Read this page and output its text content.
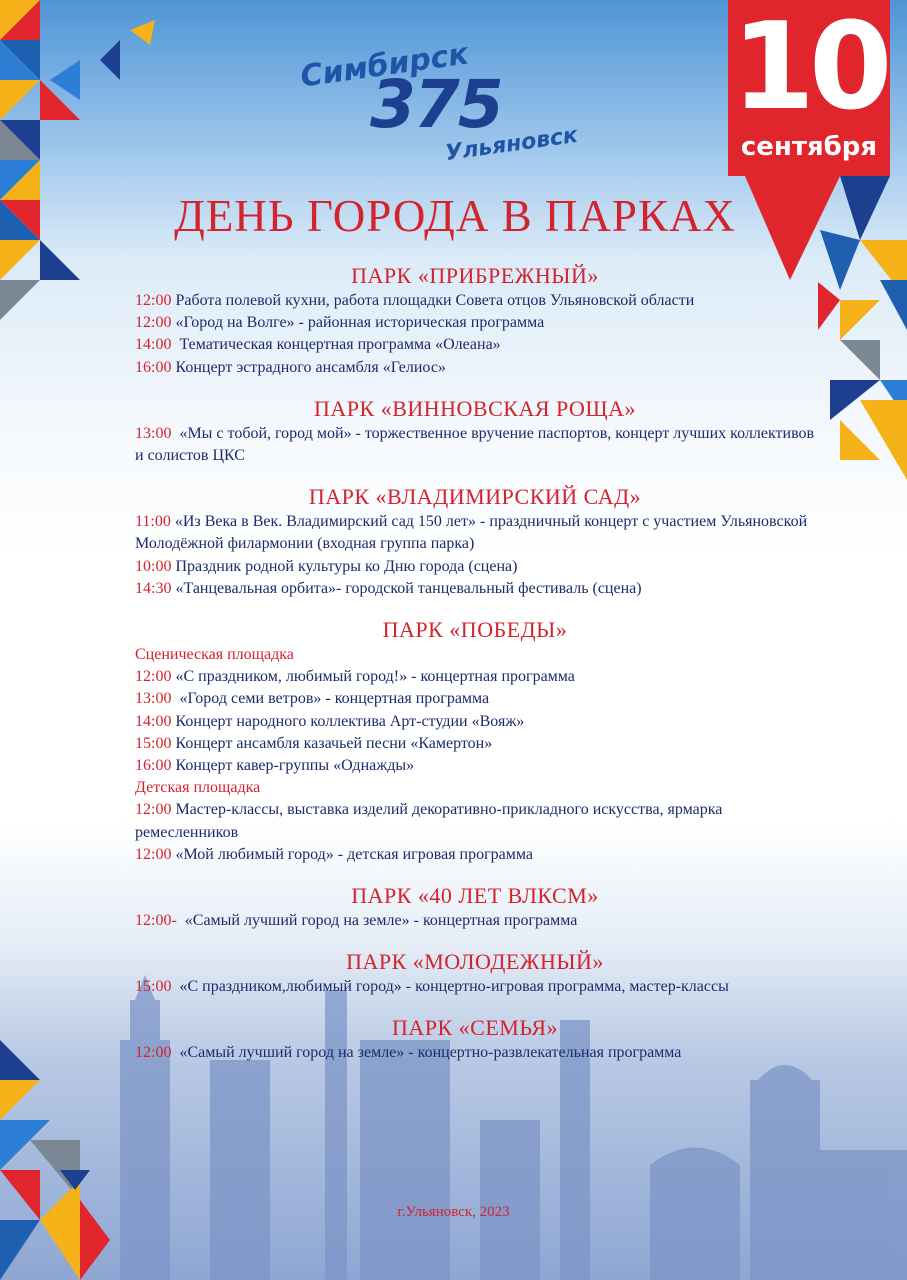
Симбирск
375
Ульяновск
10
сентября
ДЕНЬ ГОРОДА В ПАРКАХ
ПАРК «ПРИБРЕЖНЫЙ»

12:00 Работа полевой кухни, работа площадки Совета отцов Ульяновской области

12:00 «Город на Волге» - районная историческая программа

14:00 Тематическая концертная программа «Олеана»

16:00 Концерт эстрадного ансамбля «Гелиос»

ПАРК «ВИННОВСКАЯ РОЩА»

13:00 «Мы с тобой, город мой» - торжественное вручение паспортов, концерт лучших коллективов и солистов ЦКС

ПАРК «ВЛАДИМИРСКИЙ САД»

11:00 «Из Века в Век. Владимирский сад 150 лет» - праздничный концерт с участием Ульяновской Молодёжной филармонии (входная группа парка)

10:00 Праздник родной культуры ко Дню города (сцена)

14:30 «Танцевальная орбита»- городской танцевальный фестиваль (сцена)

ПАРК «ПОБЕДЫ»

Сценическая площадка

12:00 «С праздником, любимый город!» - концертная программа

13:00 «Город семи ветров» - концертная программа

14:00 Концерт народного коллектива Арт-студии «Вояж»

15:00 Концерт ансамбля казачьей песни «Камертон»

16:00 Концерт кавер-группы «Однажды»

Детская площадка

12:00 Мастер-классы, выставка изделий декоративно-прикладного искусства, ярмарка ремесленников

12:00 «Мой любимый город» - детская игровая программа

ПАРК «40 ЛЕТ ВЛКСМ»

12:00- «Самый лучший город на земле» - концертная программа

ПАРК «МОЛОДЕЖНЫЙ»

15:00 «С праздником,любимый город» - концертно-игровая программа, мастер-классы

ПАРК «СЕМЬЯ»

12:00 «Самый лучший город на земле» - концертно-развлекательная программа

г.Ульяновск, 2023
